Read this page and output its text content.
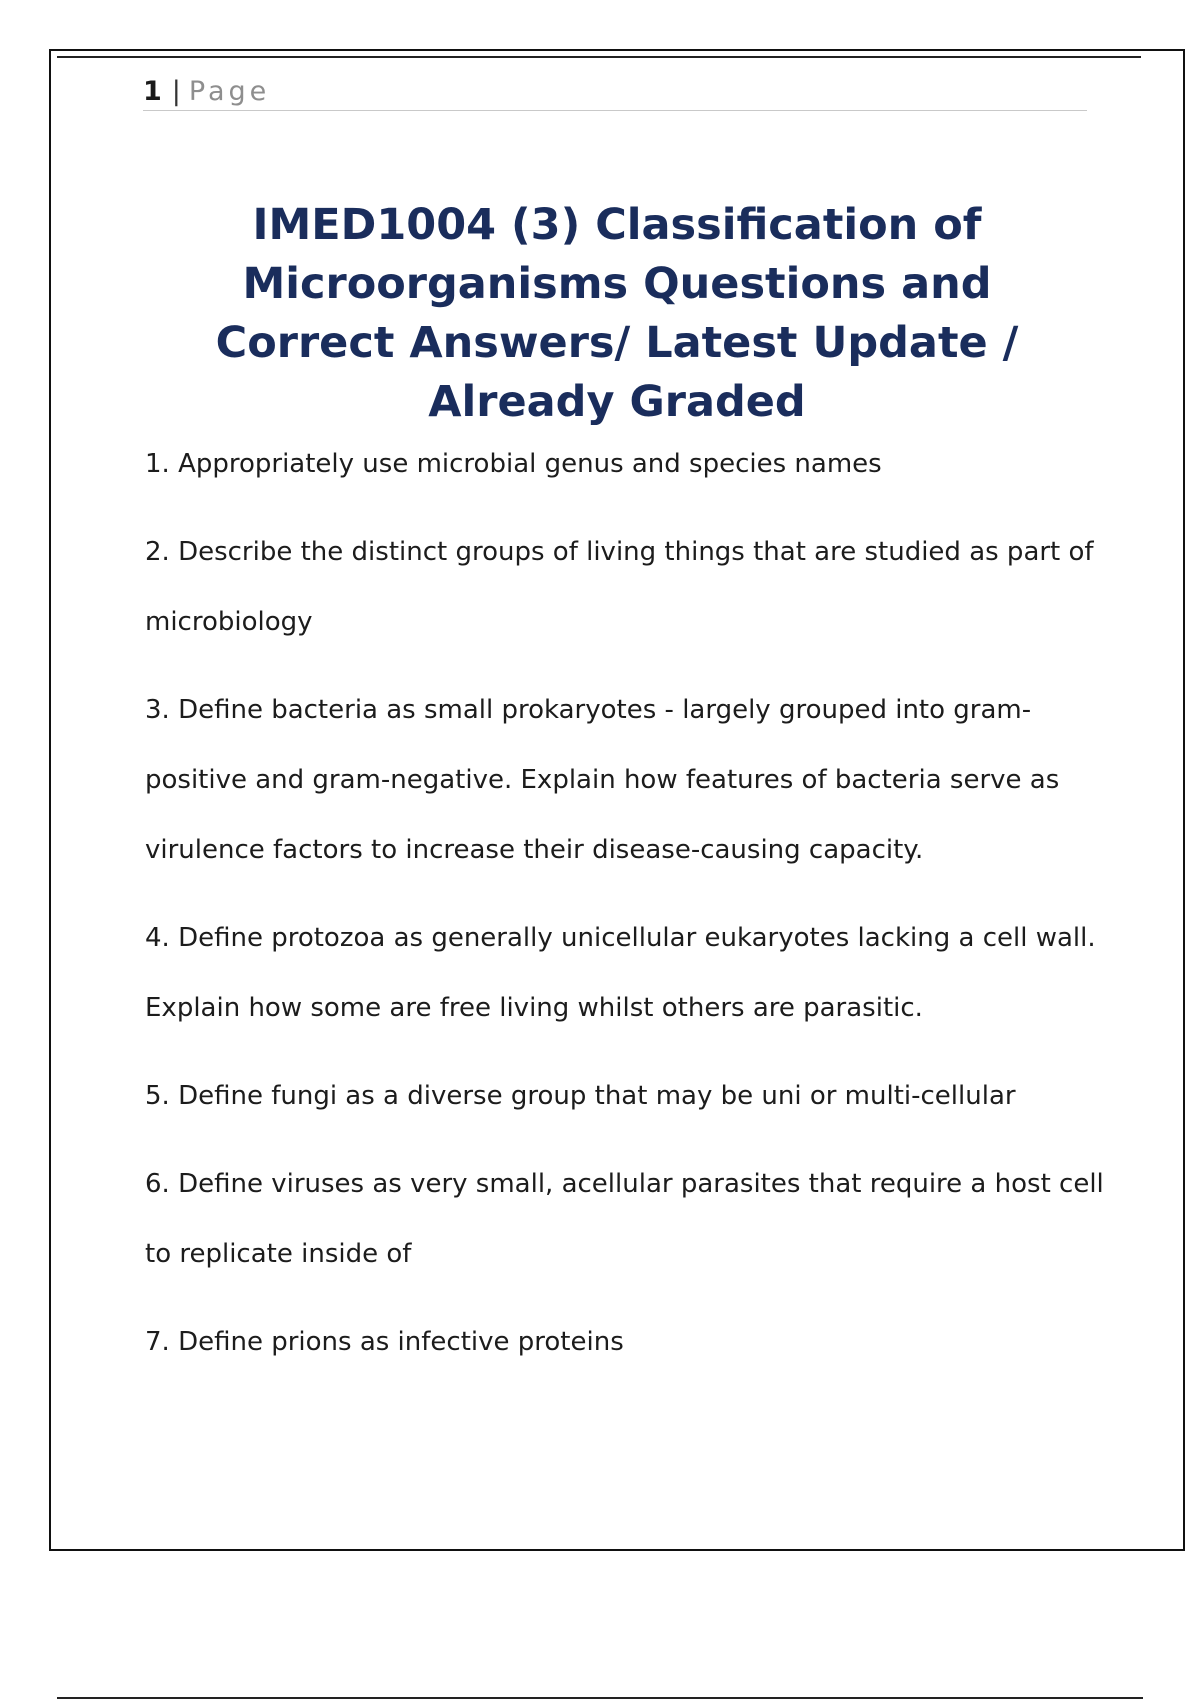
1 | Page
IMED1004 (3) Classification of Microorganisms Questions and Correct Answers/ Latest Update / Already Graded
1. Appropriately use microbial genus and species names
2. Describe the distinct groups of living things that are studied as part of microbiology
3. Define bacteria as small prokaryotes - largely grouped into gram-positive and gram-negative. Explain how features of bacteria serve as virulence factors to increase their disease-causing capacity.
4. Define protozoa as generally unicellular eukaryotes lacking a cell wall. Explain how some are free living whilst others are parasitic.
5. Define fungi as a diverse group that may be uni or multi-cellular
6. Define viruses as very small, acellular parasites that require a host cell to replicate inside of
7. Define prions as infective proteins
